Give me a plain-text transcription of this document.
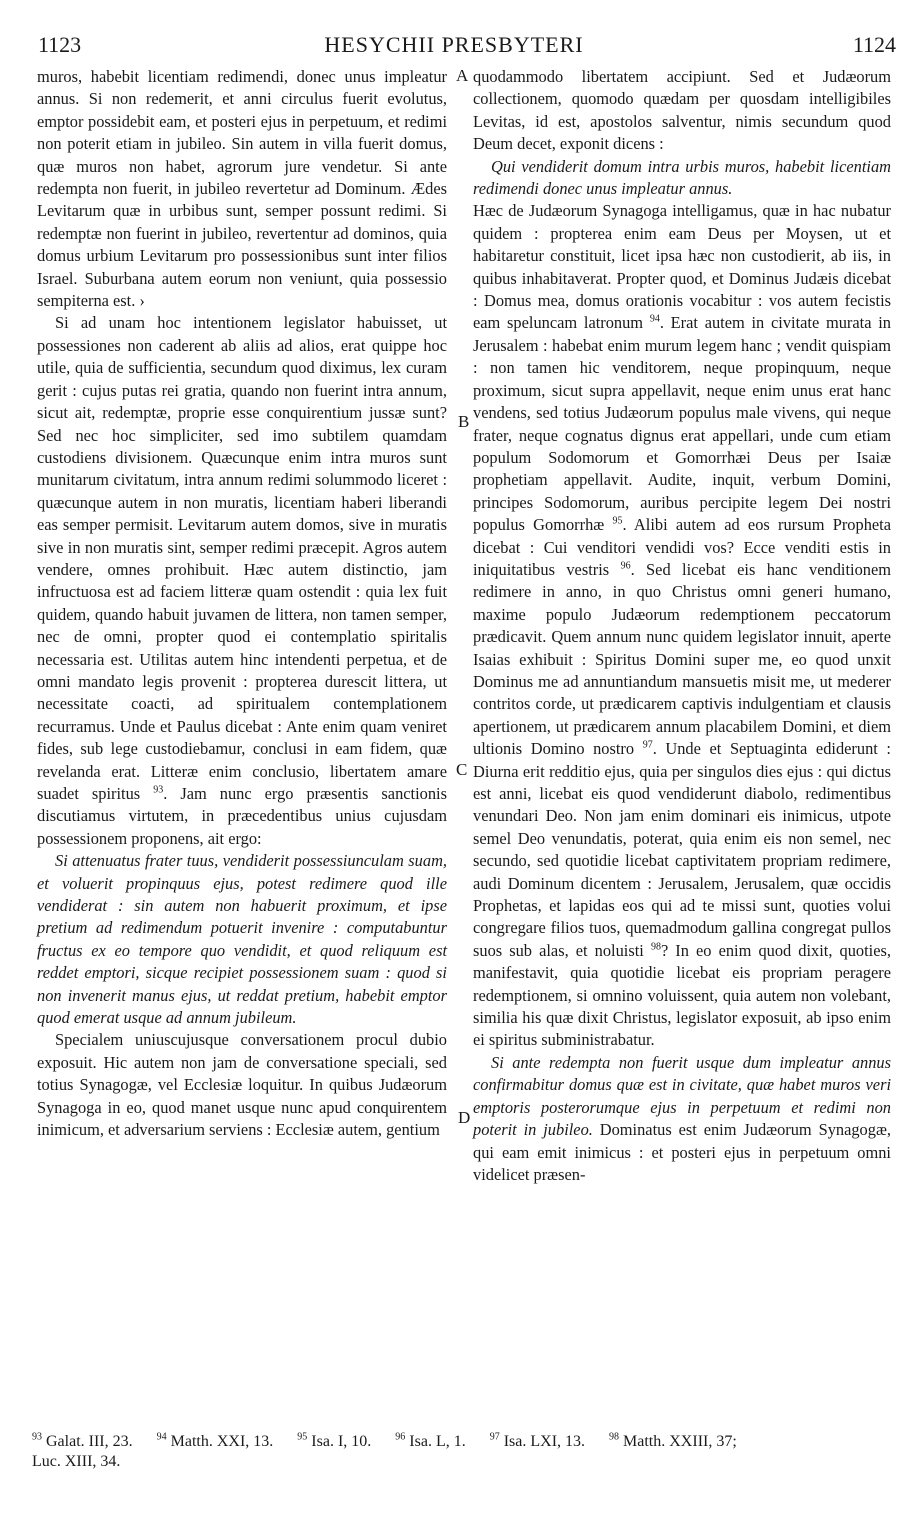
1123	HESYCHII PRESBYTERI	1124
A
B
C
D

muros, habebit licentiam redimendi, donec unus impleatur annus. Si non redemerit, et anni circulus fuerit evolutus, emptor possidebit eam, et posteri ejus in perpetuum, et redimi non poterit etiam in jubileo. Sin autem in villa fuerit domus, quæ muros non habet, agrorum jure vendetur. Si ante redempta non fuerit, in jubileo revertetur ad Dominum. Ædes Levitarum quæ in urbibus sunt, semper possunt redimi. Si redemptæ non fuerint in jubileo, revertentur ad dominos, quia domus urbium Levitarum pro possessionibus sunt inter filios Israel. Suburbana autem eorum non veniunt, quia possessio sempiterna est. ›

Si ad unam hoc intentionem legislator habuisset, ut possessiones non caderent ab aliis ad alios, erat quippe hoc utile, quia de sufficientia, secundum quod diximus, lex curam gerit : cujus putas rei gratia, quando non fuerint intra annum, sicut ait, redemptæ, proprie esse conquirentium jussæ sunt? Sed nec hoc simpliciter, sed imo subtilem quamdam custodiens divisionem. Quæcunque enim intra muros sunt munitarum civitatum, intra annum redimi solummodo liceret : quæcunque autem in non muratis, licentiam haberi liberandi eas semper permisit. Levitarum autem domos, sive in muratis sive in non muratis sint, semper redimi præcepit. Agros autem vendere, omnes prohibuit. Hæc autem distinctio, jam infructuosa est ad faciem litteræ quam ostendit : quia lex fuit quidem, quando habuit juvamen de littera, non tamen semper, nec de omni, propter quod ei contemplatio spiritalis necessaria est. Utilitas autem hinc intendenti perpetua, et de omni mandato legis provenit : propterea durescit littera, ut necessitate coacti, ad spiritualem contemplationem recurramus. Unde et Paulus dicebat : Ante enim quam veniret fides, sub lege custodiebamur, conclusi in eam fidem, quæ revelanda erat. Litteræ enim conclusio, libertatem amare suadet spiritus $^{93}$. Jam nunc ergo præsentis sanctionis discutiamus virtutem, in præcedentibus unius cujusdam possessionem proponens, ait ergo:

Si attenuatus frater tuus, vendiderit possessiunculam suam, et voluerit propinquus ejus, potest redimere quod ille vendiderat : sin autem non habuerit proximum, et ipse pretium ad redimendum potuerit invenire : computabuntur fructus ex eo tempore quo vendidit, et quod reliquum est reddet emptori, sicque recipiet possessionem suam : quod si non invenerit manus ejus, ut reddat pretium, habebit emptor quod emerat usque ad annum jubileum.

Specialem uniuscujusque conversationem procul dubio exposuit. Hic autem non jam de conversatione speciali, sed totius Synagogæ, vel Ecclesiæ loquitur. In quibus Judæorum Synagoga in eo, quod manet usque nunc apud conquirentem inimicum, et adversarium serviens : Ecclesiæ autem, gentium

quodammodo libertatem accipiunt. Sed et Judæorum collectionem, quomodo quædam per quosdam intelligibiles Levitas, id est, apostolos salventur, nimis secundum quod Deum decet, exponit dicens :

Qui vendiderit domum intra urbis muros, habebit licentiam redimendi donec unus impleatur annus.

Hæc de Judæorum Synagoga intelligamus, quæ in hac nubatur quidem : propterea enim eam Deus per Moysen, ut et habitaretur constituit, licet ipsa hæc non custodierit, ab iis, in quibus inhabitaverat. Propter quod, et Dominus Judæis dicebat : Domus mea, domus orationis vocabitur : vos autem fecistis eam speluncam latronum $^{94}$. Erat autem in civitate murata in Jerusalem : habebat enim murum legem hanc ; vendit quispiam : non tamen hic venditorem, neque propinquum, neque proximum, sicut supra appellavit, neque enim unus erat hanc vendens, sed totius Judæorum populus male vivens, qui neque frater, neque cognatus dignus erat appellari, unde cum etiam populum Sodomorum et Gomorrhæi Deus per Isaiæ prophetiam appellavit. Audite, inquit, verbum Domini, principes Sodomorum, auribus percipite legem Dei nostri populus Gomorrhæ $^{95}$. Alibi autem ad eos rursum Propheta dicebat : Cui venditori vendidi vos? Ecce venditi estis in iniquitatibus vestris $^{96}$. Sed licebat eis hanc venditionem redimere in anno, in quo Christus omni generi humano, maxime populo Judæorum redemptionem peccatorum prædicavit. Quem annum nunc quidem legislator innuit, aperte Isaias exhibuit : Spiritus Domini super me, eo quod unxit Dominus me ad annuntiandum mansuetis misit me, ut mederer contritos corde, ut prædicarem captivis indulgentiam et clausis apertionem, ut prædicarem annum placabilem Domini, et diem ultionis Domino nostro $^{97}$. Unde et Septuaginta ediderunt : Diurna erit redditio ejus, quia per singulos dies ejus : qui dictus est anni, licebat eis quod vendiderunt diabolo, redimentibus venundari Deo. Non jam enim dominari eis inimicus, utpote semel Deo venundatis, poterat, quia enim eis non semel, nec secundo, sed quotidie licebat captivitatem propriam redimere, audi Dominum dicentem : Jerusalem, Jerusalem, quæ occidis Prophetas, et lapidas eos qui ad te missi sunt, quoties volui congregare filios tuos, quemadmodum gallina congregat pullos suos sub alas, et noluisti $^{98}$? In eo enim quod dixit, quoties, manifestavit, quia quotidie licebat eis propriam peragere redemptionem, si omnino voluissent, quia autem non volebant, similia his quæ dixit Christus, legislator exposuit, ab ipso enim ei spiritus subministrabatur.

Si ante redempta non fuerit usque dum impleatur annus confirmabitur domus quæ est in civitate, quæ habet muros veri emptoris posterorumque ejus in perpetuum et redimi non poterit in jubileo. Dominatus est enim Judæorum Synagogæ, qui eam emit inimicus : et posteri ejus in perpetuum omni videlicet præsen-

$^{93}$ Galat. III, 23. $^{94}$ Matth. XXI, 13. $^{95}$ Isa. I, 10. $^{96}$ Isa. L, 1. $^{97}$ Isa. LXI, 13. $^{98}$ Matth. XXIII, 37;
Luc. XIII, 34.
